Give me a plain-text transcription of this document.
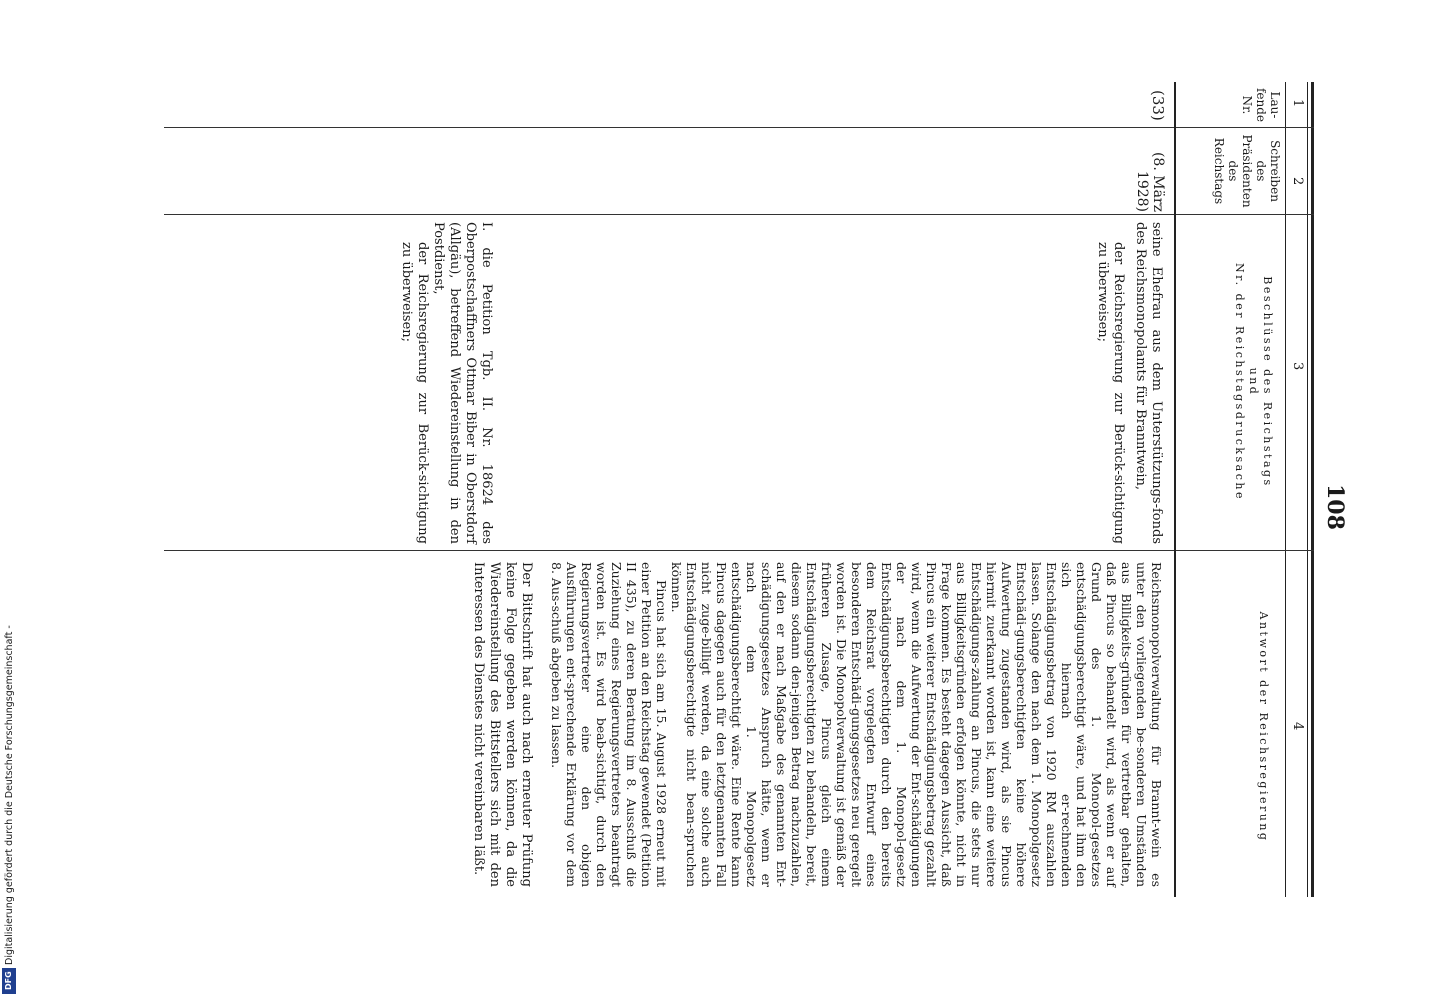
Digitalisierung gefördert durch die Deutsche Forschungsgemeinschaft -
DFG
108
1
2
3
4
Lau-
fende
Nr.
Schreiben
des
Präsidenten
des
Reichstags
Beschlüsse des Reichstags
und
Nr. der Reichstagsdrucksache
Antwort der Reichsregierung
(33)
(8. März
1928)
seine Ehefrau aus dem Unterstützungs-fonds des Reichsmonopolamts für Branntwein,
der Reichsregierung zur Berück-sichtigung zu überweisen;
I. die Petition Tgb. II. Nr. 18624 des Oberpostschaffners Ottmar Biber in Oberstdorf (Allgäu), betreffend Wiedereinstellung in den Postdienst,
der Reichsregierung zur Berück-sichtigung zu überweisen;
Reichsmonopolverwaltung für Brannt-wein es unter den vorliegenden be-sonderen Umständen aus Billigkeits-gründen für vertretbar gehalten, daß Pincus so behandelt wird, als wenn er auf Grund des 1. Monopol-gesetzes entschädigungsberechtigt wäre, und hat ihm den sich hiernach er-rechnenden Entschädigungsbetrag von 1920 RM auszahlen lassen. Solange den nach dem 1. Monopolgesetz Entschädi-gungsberechtigten keine höhere Aufwertung zugestanden wird, als sie Pincus hiermit zuerkannt worden ist, kann eine weitere Entschädigungs-zahlung an Pincus, die stets nur aus Billigkeitsgründen erfolgen könnte, nicht in Frage kommen. Es besteht dagegen Aussicht, daß Pincus ein weiterer Entschädigungsbetrag gezahlt wird, wenn die Aufwertung der Ent-schädigungen der nach dem 1. Monopol-gesetz Entschädigungsberechtigten durch den bereits dem Reichsrat vorgelegten Entwurf eines besonderen Entschädi-gungsgesetzes neu geregelt worden ist. Die Monopolverwaltung ist gemäß der früheren Zusage, Pincus gleich einem Entschädigungsberechtigten zu behandeln, bereit, diesem sodann den-jenigen Betrag nachzuzahlen, auf den er nach Maßgabe des genannten Ent-schädigungsgesetzes Anspruch hätte, wenn er nach dem 1. Monopolgesetz entschädigungsberechtigt wäre. Eine Rente kann Pincus dagegen auch für den letztgenannten Fall nicht zuge-billigt werden, da eine solche auch Entschädigungsberechtigte nicht bean-spruchen können.
Pincus hat sich am 15. August 1928 erneut mit einer Petition an den Reichstag gewendet (Petition II 435), zu deren Beratung im 8. Ausschuß die Zuziehung eines Regierungsvertreters beantragt worden ist. Es wird beab-sichtigt, durch den Regierungsvertreter eine den obigen Ausführungen ent-sprechende Erklärung vor dem 8. Aus-schuß abgeben zu lassen.
Der Bittschrift hat auch nach erneuter Prüfung keine Folge gegeben werden können, da die Wiedereinstellung des Bittstellers sich mit den Interessen des Dienstes nicht vereinbaren läßt.
